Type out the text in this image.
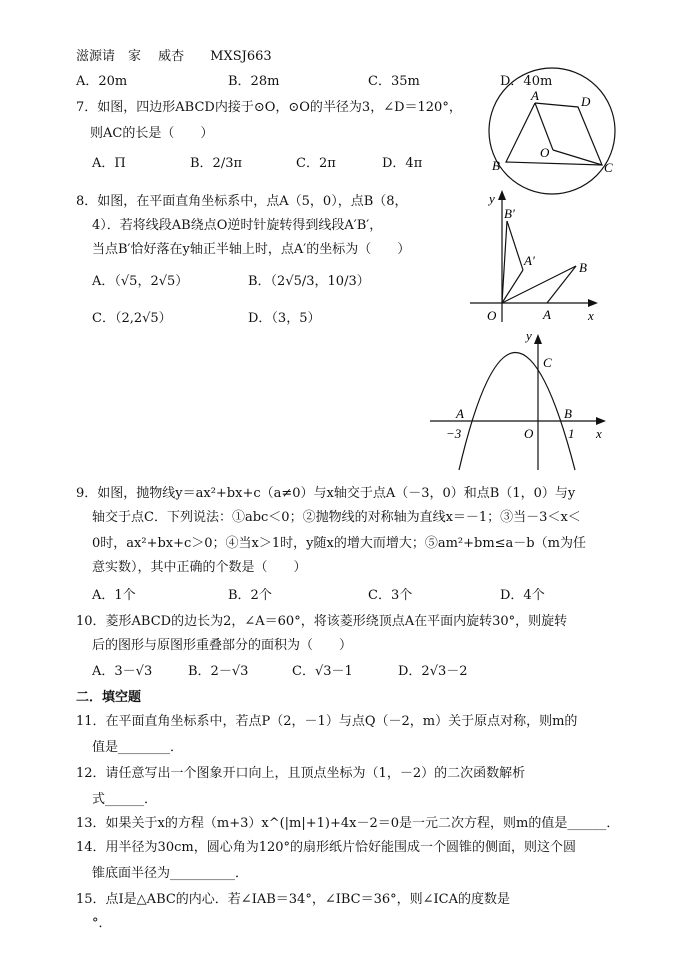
滋源请　家　 威杏　　MXSJ663
A．20m	B．28m	C．35m	D．40m
7．如图，四边形ABCD内接于⊙O，⊙O的半径为3，∠D＝120°，
则AC的长是（　　）
A．Π	B．2/3π	C．2π	D．4π
A	D
O
B	C
8．如图，在平面直角坐标系中，点A（5，0），点B（8，
4）．若将线段AB绕点O逆时针旋转得到线段A′B′，
当点B′恰好落在y轴正半轴上时，点A′的坐标为（　　）
A．（√5，2√5）	B．（2√5/3，10/3）
C．（2,2√5）	D．（3，5）
y
B′
A′	B
O	A	x
y
C
A	B
−3	O	1 x
9．如图，抛物线y＝ax²+bx+c（a≠0）与x轴交于点A（－3，0）和点B（1，0）与y
轴交于点C．下列说法：①abc＜0；②抛物线的对称轴为直线x＝－1；③当－3＜x＜
0时，ax²+bx+c＞0；④当x＞1时，y随x的增大而增大；⑤am²+bm≤a－b（m为任
意实数），其中正确的个数是（　　）
A．1个	B．2个	C．3个	D．4个
10．菱形ABCD的边长为2，∠A＝60°，将该菱形绕顶点A在平面内旋转30°，则旋转
后的图形与原图形重叠部分的面积为（　　）
A．3－√3	B．2－√3	C．√3－1	D．2√3－2
二．填空题
11．在平面直角坐标系中，若点P（2，－1）与点Q（－2，m）关于原点对称，则m的
值是________．
12．请任意写出一个图象开口向上，且顶点坐标为（1，－2）的二次函数解析
式______．
13．如果关于x的方程（m+3）x^(|m|+1)+4x－2＝0是一元二次方程，则m的值是______．
14．用半径为30cm，圆心角为120°的扇形纸片恰好能围成一个圆锥的侧面，则这个圆
锥底面半径为__________．
15．点I是△ABC的内心．若∠IAB＝34°，∠IBC＝36°，则∠ICA的度数是
°．
